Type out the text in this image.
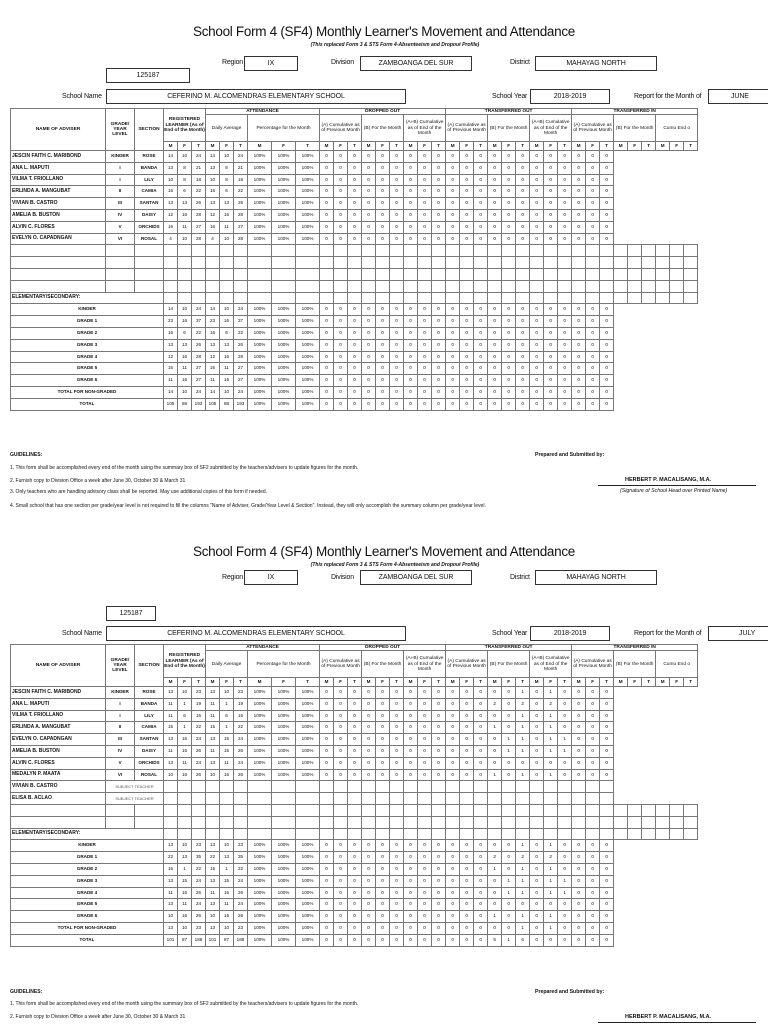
School Form 4 (SF4) Monthly Learner's Movement and Attendance
(This replaced Form 3 & STS Form 4-Absenteeism and Dropout Profile)
Region	IX	Division	ZAMBOANGA DEL SUR	District	MAHAYAG NORTH
125187
School Name	CEFERINO M. ALCOMENDRAS ELEMENTARY SCHOOL	School Year	2018-2019	Report for the Month of	JUNE
NAME OF ADVISER	GRADE/ YEAR LEVEL	SECTION	REGISTERED LEARNER (As of End of the Month)			ATTENDANCE						DROPPED OUT									TRANSFERRED OUT									TRANSFERRED IN								
						Daily Average			Percentage for the Month			(A) Cumulative as of Previous Month			(B) For the Month			(A+B) Cumulative as of End of the Month			(A) Cumulative as of Previous Month			(B) For the Month			(A+B) Cumulative as of End of the Month			(A) Cumulative as of Previous Month			(B) For the Month			Cumu End o		
			M	F	T	M	F	T	M	F	T	M	F	T	M	F	T	M	F	T	M	F	T	M	F	T	M	F	T	M	F	T	M	F	T	M	F	T
JESCIN FAITH C. MARIBOND	KINDER	ROSE	14	10	24	14	10	24	100%	100%	100%	0	0	0	0	0	0	0	0	0	0	0	0	0	0	0	0	0	0	0	0	0						
ANA L. MAPUTI	I	BANDA	13	8	21	13	8	21	100%	100%	100%	0	0	0	0	0	0	0	0	0	0	0	0	0	0	0	0	0	0	0	0	0						
VILMA T. FRIOLLANO	I	LILY	10	8	18	10	8	18	100%	100%	100%	0	0	0	0	0	0	0	0	0	0	0	0	0	0	0	0	0	0	0	0	0						
ERLINDA A. MANGUBAT	II	CAMIA	16	6	22	16	6	22	100%	100%	100%	0	0	0	0	0	0	0	0	0	0	0	0	0	0	0	0	0	0	0	0	0						
VIVIAN B. CASTRO	III	SANTAN	13	13	26	13	13	26	100%	100%	100%	0	0	0	0	0	0	0	0	0	0	0	0	0	0	0	0	0	0	0	0	0						
AMELIA B. BUSTON	IV	DAISY	12	16	28	12	16	28	100%	100%	100%	0	0	0	0	0	0	0	0	0	0	0	0	0	0	0	0	0	0	0	0	0						
ALVIN C. FLORES	V	ORCHIDS	16	11	27	16	11	27	100%	100%	100%	0	0	0	0	0	0	0	0	0	0	0	0	0	0	0	0	0	0	0	0	0						
EVELYN O. CAPADNGAN	VI	ROSAL	4	10	28	4	10	28	100%	100%	100%	0	0	0	0	0	0	0	0	0	0	0	0	0	0	0	0	0	0	0	0	0						

ELEMENTARY/SECONDARY:																																						
KINDER			14	10	24	14	10	24	100%	100%	100%	0	0	0	0	0	0	0	0	0	0	0	0	0	0	0	0	0	0	0	0	0						
GRADE 1			23	16	37	23	16	37	100%	100%	100%	0	0	0	0	0	0	0	0	0	0	0	0	0	0	0	0	0	0	0	0	0						
GRADE 2			16	6	22	16	6	22	100%	100%	100%	0	0	0	0	0	0	0	0	0	0	0	0	0	0	0	0	0	0	0	0	0						
GRADE 3			13	13	26	13	13	26	100%	100%	100%	0	0	0	0	0	0	0	0	0	0	0	0	0	0	0	0	0	0	0	0	0						
GRADE 4			12	16	28	12	16	28	100%	100%	100%	0	0	0	0	0	0	0	0	0	0	0	0	0	0	0	0	0	0	0	0	0						
GRADE 5			16	11	27	16	11	27	100%	100%	100%	0	0	0	0	0	0	0	0	0	0	0	0	0	0	0	0	0	0	0	0	0						
GRADE 6			11	16	27	11	16	27	100%	100%	100%	0	0	0	0	0	0	0	0	0	0	0	0	0	0	0	0	0	0	0	0	0						
TOTAL FOR NON-GRADED			14	10	24	14	10	24	100%	100%	100%	0	0	0	0	0	0	0	0	0	0	0	0	0	0	0	0	0	0	0	0	0						
TOTAL			105	88	193	105	88	193	100%	100%	100%	0	0	0	0	0	0	0	0	0	0	0	0	0	0	0	0	0	0	0	0	0						
GUIDELINES:
1. This form shall be accomplished every end of the month using the summary box of SF2 submitted by the teachers/advisers to update figures for the month.
2. Furnish copy to Division Office a week after June 30, October 30 & March 31
3. Only teachers who are handling advisory class shall be reported. May use additional copies of this form if needed.
4. Small school that has one section per grade/year level is not required to fill the columns "Name of Adviser, Grade/Year Level & Section". Instead, they will only accomplish the summary column per grade/year level.
Prepared and Submitted by:
HERBERT P. MACALISANG, M.A.
(Signature of School Head over Printed Name)
School Form 4 (SF4) Monthly Learner's Movement and Attendance
(This replaced Form 3 & STS Form 4-Absenteeism and Dropout Profile)
Region	IX	Division	ZAMBOANGA DEL SUR	District	MAHAYAG NORTH
125187
School Name	CEFERINO M. ALCOMENDRAS ELEMENTARY SCHOOL	School Year	2018-2019	Report for the Month of	JULY
NAME OF ADVISER	GRADE/ YEAR LEVEL	SECTION	REGISTERED LEARNER (As of End of the Month)			ATTENDANCE						DROPPED OUT									TRANSFERRED OUT									TRANSFERRED IN								
						Daily Average			Percentage for the Month			(A) Cumulative as of Previous Month			(B) For the Month			(A+B) Cumulative as of End of the Month			(A) Cumulative as of Previous Month			(B) For the Month			(A+B) Cumulative as of End of the Month			(A) Cumulative as of Previous Month			(B) For the Month			Cumu End o		
			M	F	T	M	F	T	M	F	T	M	F	T	M	F	T	M	F	T	M	F	T	M	F	T	M	F	T	M	F	T	M	F	T	M	F	T
JESCIN FAITH C. MARIBOND	KINDER	ROSE	13	10	23	13	10	23	100%	100%	100%	0	0	0	0	0	0	0	0	0	0	0	0	0	0	1	0	1	0	0	0	0						
ANA L. MAPUTI	I	BANDA	11	1	19	11	1	19	100%	100%	100%	0	0	0	0	0	0	0	0	0	0	0	0	2	0	2	0	2	0	0	0	0						
VILMA T. FRIOLLANO	I	LILY	11	6	15	11	6	15	100%	100%	100%	0	0	0	0	0	0	0	0	0	0	0	0	0	0	1	0	1	0	0	0	0						
ERLINDA A. MANGUBAT	II	CAMIA	15	1	22	15	1	22	100%	100%	100%	0	0	0	0	0	0	0	0	0	0	0	0	1	0	1	0	1	0	0	0	0						
EVELYN O. CAPADNGAN	III	SANTAN	13	15	24	13	15	24	100%	100%	100%	0	0	0	0	0	0	0	0	0	0	0	0	0	1	1	0	1	1	0	0	0						
AMELIA B. BUSTON	IV	DAISY	11	15	26	11	15	26	100%	100%	100%	0	0	0	0	0	0	0	0	0	0	0	0	0	1	1	0	1	1	0	0	0						
ALVIN C. FLORES	V	ORCHIDS	13	11	24	13	11	24	100%	100%	100%	0	0	0	0	0	0	0	0	0	0	0	0	0	0	0	0	0	0	0	0	0						
MEDALYN P. MAATA	VI	ROSAL	10	16	26	10	16	26	100%	100%	100%	0	0	0	0	0	0	0	0	0	0	0	0	1	0	1	0	1	0	0	0	0						
VIVIAN B. CASTRO	SUBJECT TEACHER																																					
ELISA B. ACLAO	SUBJECT TEACHER																																					

ELEMENTARY/SECONDARY:																																						
KINDER			13	10	23	13	10	23	100%	100%	100%	0	0	0	0	0	0	0	0	0	0	0	0	0	0	1	0	1	0	0	0	0						
GRADE 1			22	13	35	22	13	35	100%	100%	100%	0	0	0	0	0	0	0	0	0	0	0	0	2	0	2	0	2	0	0	0	0						
GRADE 2			15	1	22	15	1	22	100%	100%	100%	0	0	0	0	0	0	0	0	0	0	0	0	1	0	1	0	1	0	0	0	0						
GRADE 3			13	15	24	13	15	24	100%	100%	100%	0	0	0	0	0	0	0	0	0	0	0	0	0	1	1	0	1	1	0	0	0						
GRADE 4			11	15	26	11	15	26	100%	100%	100%	0	0	0	0	0	0	0	0	0	0	0	0	0	1	1	0	1	1	0	0	0						
GRADE 5			13	11	24	13	11	24	100%	100%	100%	0	0	0	0	0	0	0	0	0	0	0	0	0	0	0	0	0	0	0	0	0						
GRADE 6			10	16	26	10	16	26	100%	100%	100%	0	0	0	0	0	0	0	0	0	0	0	0	1	0	1	0	1	0	0	0	0						
TOTAL FOR NON-GRADED			13	10	23	13	10	23	100%	100%	100%	0	0	0	0	0	0	0	0	0	0	0	0	0	0	1	0	1	0	0	0	0						
TOTAL			101	87	188	101	87	188	100%	100%	100%	0	0	0	0	0	0	0	0	0	0	0	0	5	1	6	0	0	0	0	0	0						
GUIDELINES:
1. This form shall be accomplished every end of the month using the summary box of SF2 submitted by the teachers/advisers to update figures for the month.
2. Furnish copy to Division Office a week after June 30, October 30 & March 31
Prepared and Submitted by:
HERBERT P. MACALISANG, M.A.
